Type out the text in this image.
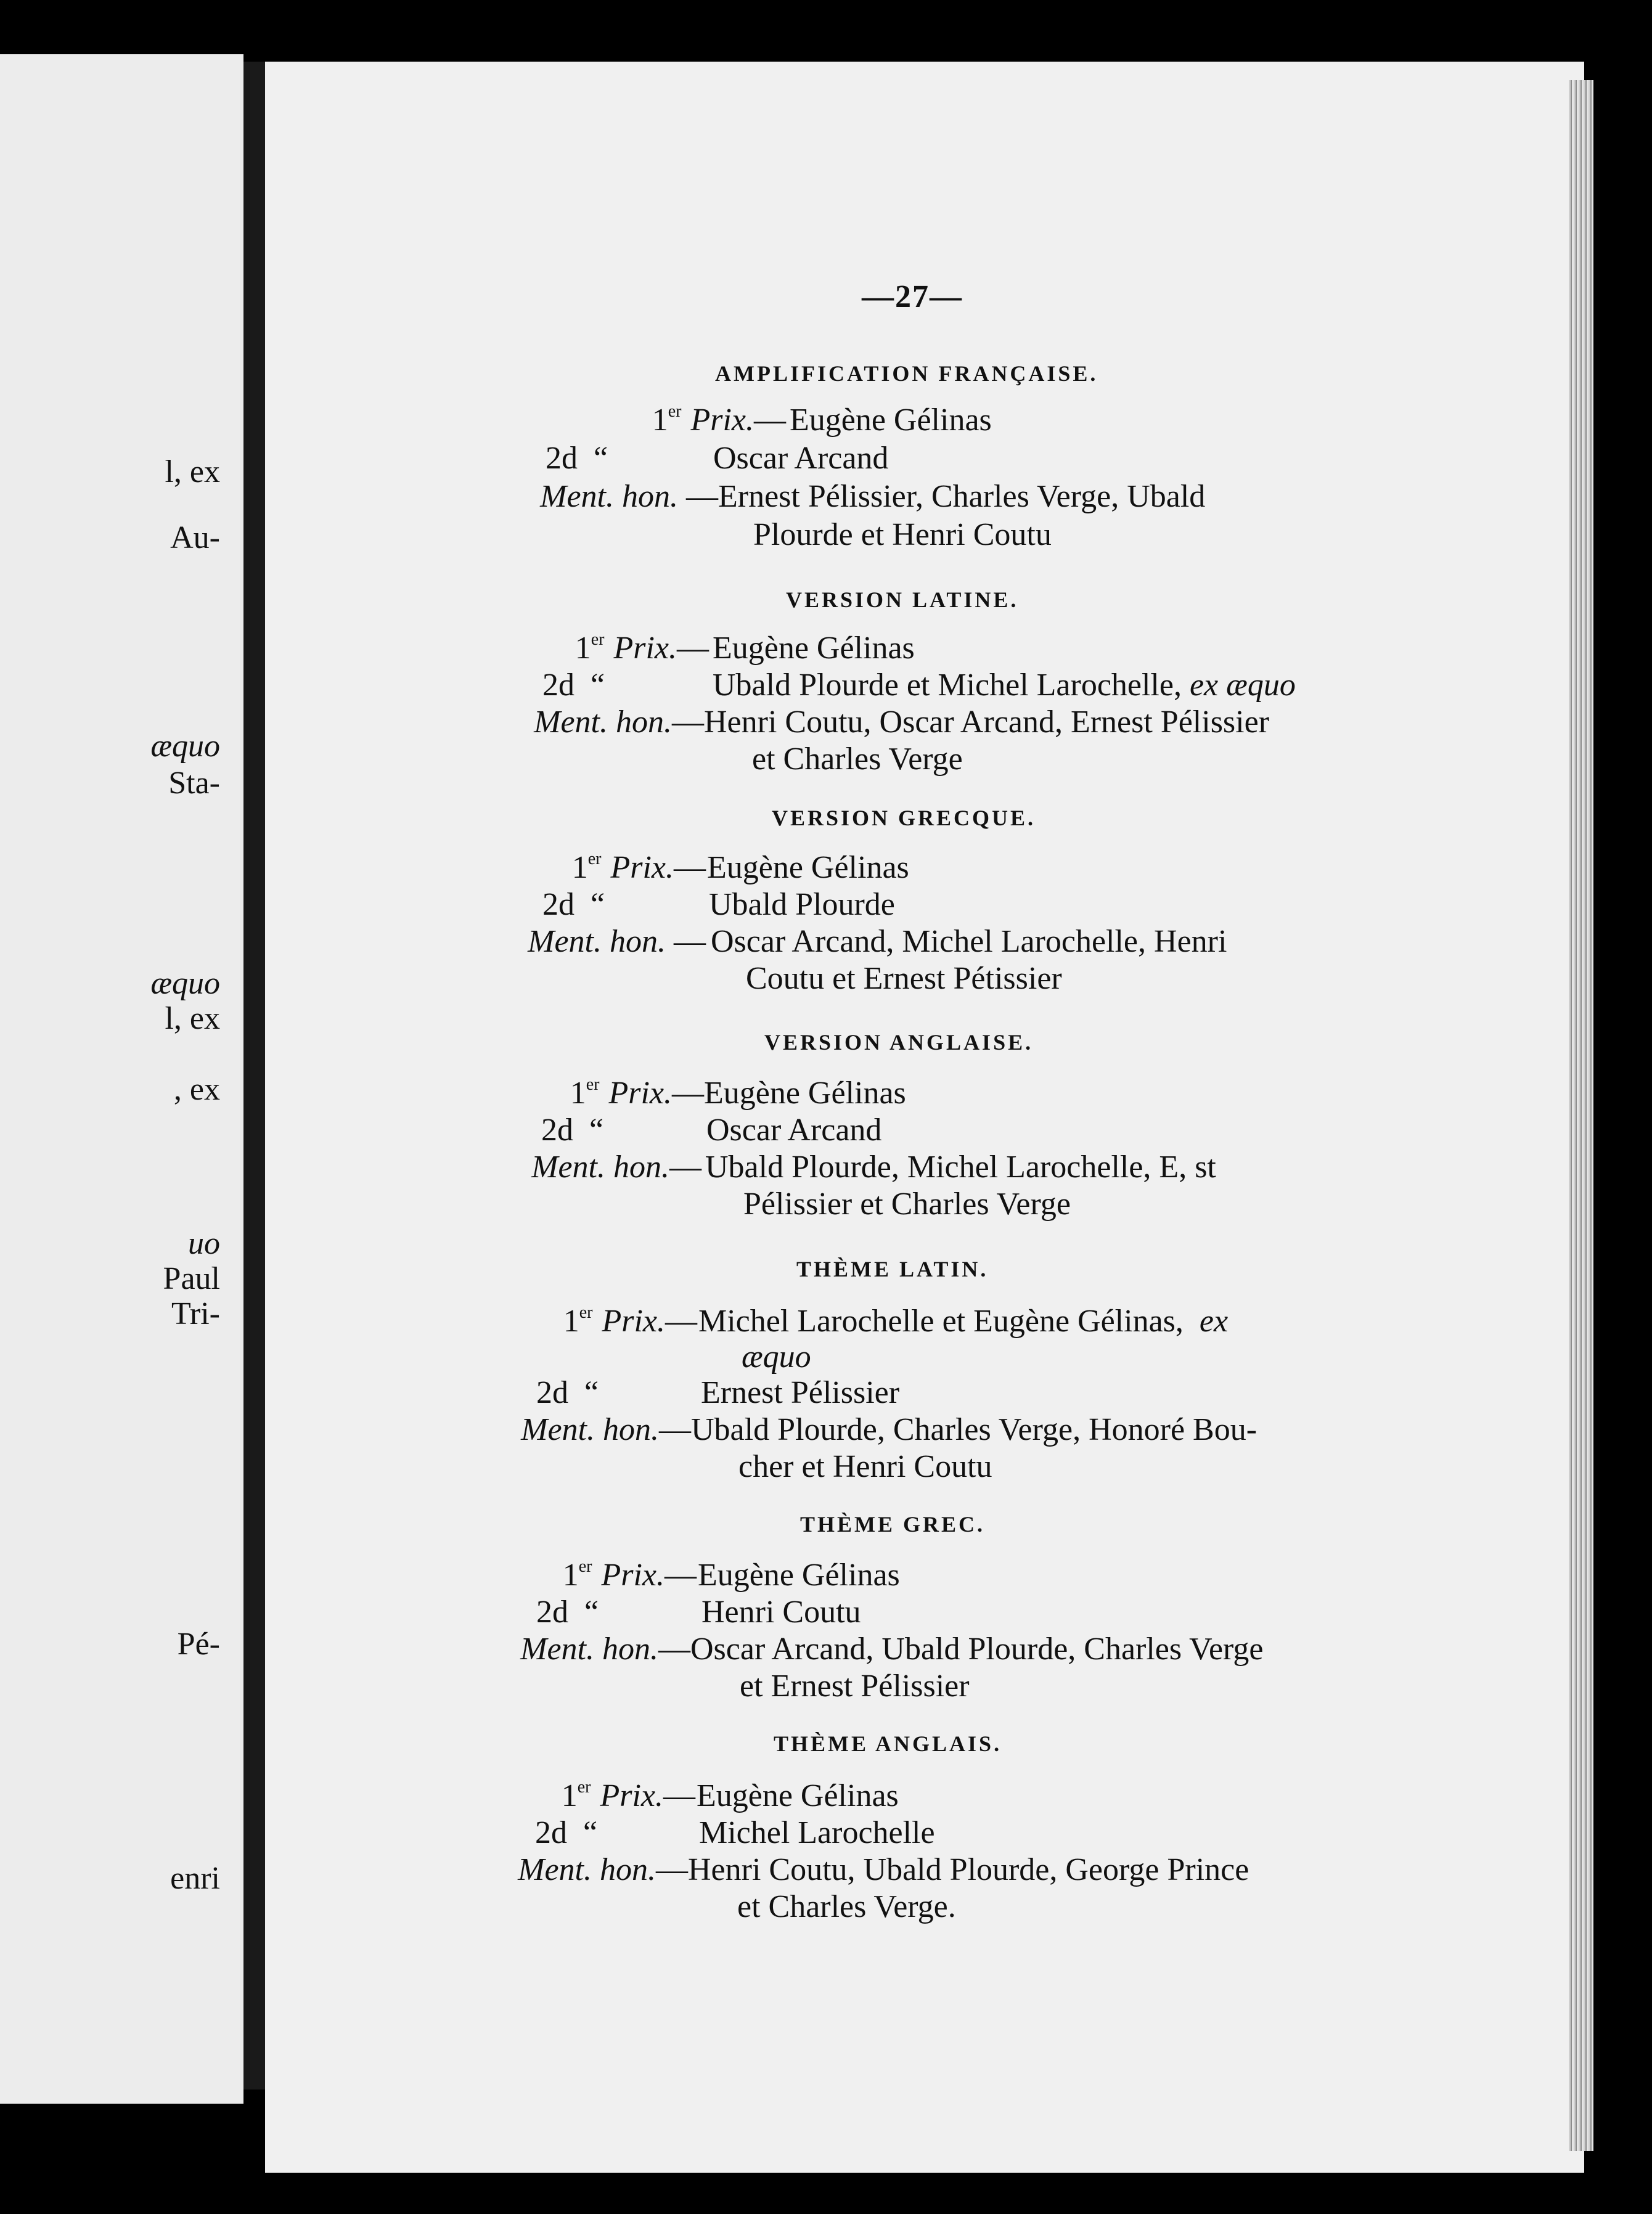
l, ex
Au-
æquo
Sta-
æquo
l, ex
, ex
uo
Paul
Tri-
Pé-
enri
—27—
AMPLIFICATION FRANÇAISE.
1er Prix.— Eugène Gélinas
2d “	Oscar Arcand
Ment. hon. — Ernest Pélissier, Charles Verge, Ubald
Plourde et Henri Coutu
VERSION LATINE.
1er Prix.— Eugène Gélinas
2d “	Ubald Plourde et Michel Larochelle, ex æquo
Ment. hon.— Henri Coutu, Oscar Arcand, Ernest Pélissier
et Charles Verge
VERSION GRECQUE.
1er Prix.— Eugène Gélinas
2d “	Ubald Plourde
Ment. hon. — Oscar Arcand, Michel Larochelle, Henri
Coutu et Ernest Pétissier
VERSION ANGLAISE.
1er Prix.— Eugène Gélinas
2d “	Oscar Arcand
Ment. hon.— Ubald Plourde, Michel Larochelle, E, st
Pélissier et Charles Verge
THÈME LATIN.
1er Prix.— Michel Larochelle et Eugène Gélinas, ex
æquo
2d “	Ernest Pélissier
Ment. hon.— Ubald Plourde, Charles Verge, Honoré Bou-
cher et Henri Coutu
THÈME GREC.
1er Prix.— Eugène Gélinas
2d “	Henri Coutu
Ment. hon.— Oscar Arcand, Ubald Plourde, Charles Verge
et Ernest Pélissier
THÈME ANGLAIS.
1er Prix.— Eugène Gélinas
2d “	Michel Larochelle
Ment. hon.— Henri Coutu, Ubald Plourde, George Prince
et Charles Verge.
